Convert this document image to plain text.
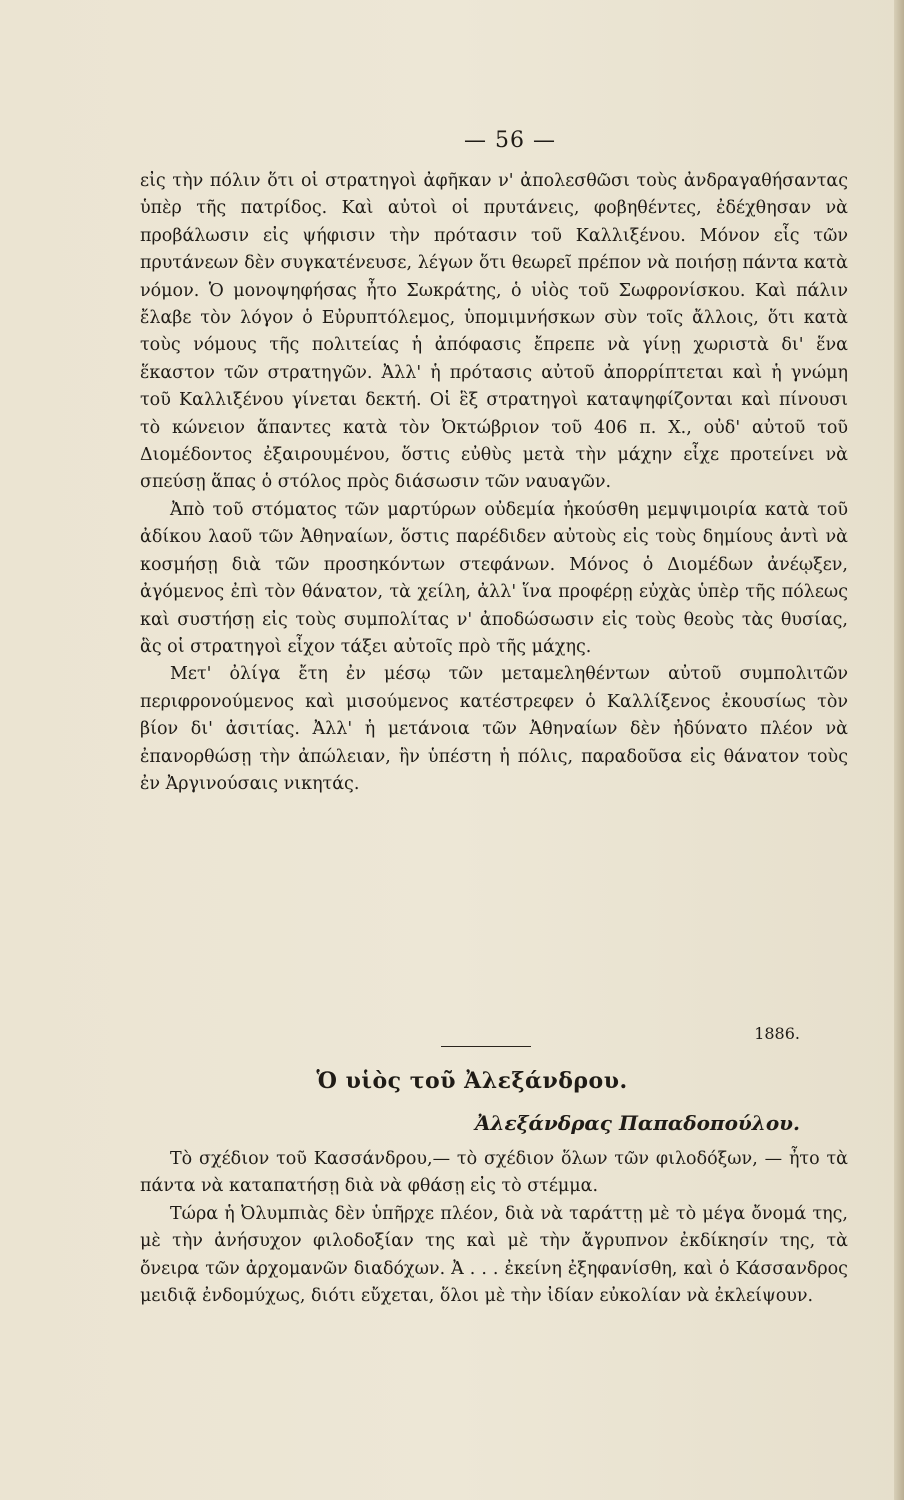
— 56 —

εἰς τὴν πόλιν ὅτι οἱ στρατηγοὶ ἀφῆκαν ν' ἀπολεσθῶσι τοὺς ἀνδραγαθήσαντας ὑπὲρ τῆς πατρίδος. Καὶ αὐτοὶ οἱ πρυτάνεις, φοβηθέντες, ἐδέχθησαν νὰ προβάλωσιν εἰς ψήφισιν τὴν πρότασιν τοῦ Καλλιξένου. Μόνον εἷς τῶν πρυτάνεων δὲν συγκατένευσε, λέγων ὅτι θεωρεῖ πρέπον νὰ ποιήσῃ πάντα κατὰ νόμον. Ὁ μονοψηφήσας ἦτο Σωκράτης, ὁ υἱὸς τοῦ Σωφρονίσκου. Καὶ πάλιν ἔλαβε τὸν λόγον ὁ Εὐρυπτόλεμος, ὑπομιμνήσκων σὺν τοῖς ἄλλοις, ὅτι κατὰ τοὺς νόμους τῆς πολιτείας ἡ ἀπόφασις ἔπρεπε νὰ γίνῃ χωριστὰ δι' ἕνα ἕκαστον τῶν στρατηγῶν. Ἀλλ' ἡ πρότασις αὐτοῦ ἀπορρίπτεται καὶ ἡ γνώμη τοῦ Καλλιξένου γίνεται δεκτή. Οἱ ἓξ στρατηγοὶ καταψηφίζονται καὶ πίνουσι τὸ κώνειον ἅπαντες κατὰ τὸν Ὀκτώβριον τοῦ 406 π. Χ., οὐδ' αὐτοῦ τοῦ Διομέδοντος ἐξαιρουμένου, ὅστις εὐθὺς μετὰ τὴν μάχην εἶχε προτείνει νὰ σπεύσῃ ἅπας ὁ στόλος πρὸς διάσωσιν τῶν ναυαγῶν.

Ἀπὸ τοῦ στόματος τῶν μαρτύρων οὐδεμία ἠκούσθη μεμψιμοιρία κατὰ τοῦ ἀδίκου λαοῦ τῶν Ἀθηναίων, ὅστις παρέδιδεν αὐτοὺς εἰς τοὺς δημίους ἀντὶ νὰ κοσμήσῃ διὰ τῶν προσηκόντων στεφάνων. Μόνος ὁ Διομέδων ἀνέῳξεν, ἀγόμενος ἐπὶ τὸν θάνατον, τὰ χείλη, ἀλλ' ἵνα προφέρῃ εὐχὰς ὑπὲρ τῆς πόλεως καὶ συστήσῃ εἰς τοὺς συμπολίτας ν' ἀποδώσωσιν εἰς τοὺς θεοὺς τὰς θυσίας, ἃς οἱ στρατηγοὶ εἶχον τάξει αὐτοῖς πρὸ τῆς μάχης.

Μετ' ὀλίγα ἔτη ἐν μέσῳ τῶν μεταμεληθέντων αὐτοῦ συμπολιτῶν περιφρονούμενος καὶ μισούμενος κατέστρεφεν ὁ Καλλίξενος ἐκουσίως τὸν βίον δι' ἀσιτίας. Ἀλλ' ἡ μετάνοια τῶν Ἀθηναίων δὲν ἠδύνατο πλέον νὰ ἐπανορθώσῃ τὴν ἀπώλειαν, ἣν ὑπέστη ἡ πόλις, παραδοῦσα εἰς θάνατον τοὺς ἐν Ἀργινούσαις νικητάς.

1886.
Ὁ υἱὸς τοῦ Ἀλεξάνδρου.
Ἀλεξάνδρας Παπαδοπούλου.

Τὸ σχέδιον τοῦ Κασσάνδρου,— τὸ σχέδιον ὅλων τῶν φιλοδόξων, — ἦτο τὰ πάντα νὰ καταπατήσῃ διὰ νὰ φθάσῃ εἰς τὸ στέμμα.

Τώρα ἡ Ὀλυμπιὰς δὲν ὑπῆρχε πλέον, διὰ νὰ ταράττῃ μὲ τὸ μέγα ὄνομά της, μὲ τὴν ἀνήσυχον φιλοδοξίαν της καὶ μὲ τὴν ἄγρυπνον ἐκδίκησίν της, τὰ ὄνειρα τῶν ἀρχομανῶν διαδόχων. Ἀ . . . ἐκείνη ἐξηφανίσθη, καὶ ὁ Κάσσανδρος μειδιᾷ ἐνδομύχως, διότι εὔχεται, ὅλοι μὲ τὴν ἰδίαν εὐκολίαν νὰ ἐκλείψουν.
